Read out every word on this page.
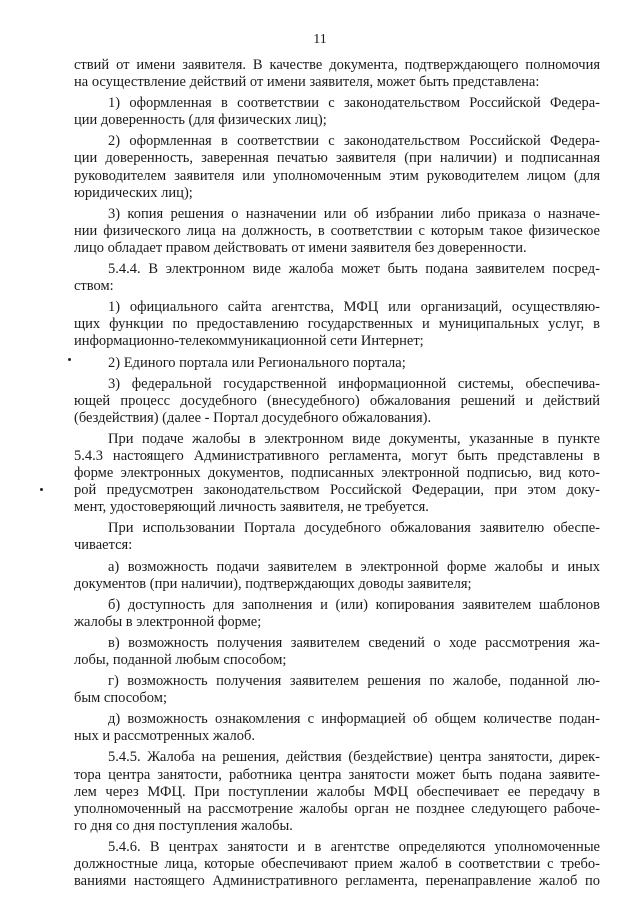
11
ствий от имени заявителя. В качестве документа, подтверждающего полномочия
на осуществление действий от имени заявителя, может быть представлена:
1) оформленная в соответствии с законодательством Российской Федера-
ции доверенность (для физических лиц);
2) оформленная в соответствии с законодательством Российской Федера-
ции доверенность, заверенная печатью заявителя (при наличии) и подписанная
руководителем заявителя или уполномоченным этим руководителем лицом (для
юридических лиц);
3) копия решения о назначении или об избрании либо приказа о назначе-
нии физического лица на должность, в соответствии с которым такое физическое
лицо обладает правом действовать от имени заявителя без доверенности.
5.4.4. В электронном виде жалоба может быть подана заявителем посред-
ством:
1) официального сайта агентства, МФЦ или организаций, осуществляю-
щих функции по предоставлению государственных и муниципальных услуг, в
информационно-телекоммуникационной сети Интернет;
2) Единого портала или Регионального портала;
3) федеральной государственной информационной системы, обеспечива-
ющей процесс досудебного (внесудебного) обжалования решений и действий
(бездействия) (далее - Портал досудебного обжалования).
При подаче жалобы в электронном виде документы, указанные в пункте
5.4.3 настоящего Административного регламента, могут быть представлены в
форме электронных документов, подписанных электронной подписью, вид кото-
рой предусмотрен законодательством Российской Федерации, при этом доку-
мент, удостоверяющий личность заявителя, не требуется.
При использовании Портала досудебного обжалования заявителю обеспе-
чивается:
а) возможность подачи заявителем в электронной форме жалобы и иных
документов (при наличии), подтверждающих доводы заявителя;
б) доступность для заполнения и (или) копирования заявителем шаблонов
жалобы в электронной форме;
в) возможность получения заявителем сведений о ходе рассмотрения жа-
лобы, поданной любым способом;
г) возможность получения заявителем решения по жалобе, поданной лю-
бым способом;
д) возможность ознакомления с информацией об общем количестве подан-
ных и рассмотренных жалоб.
5.4.5. Жалоба на решения, действия (бездействие) центра занятости, дирек-
тора центра занятости, работника центра занятости может быть подана заявите-
лем через МФЦ. При поступлении жалобы МФЦ обеспечивает ее передачу в
уполномоченный на рассмотрение жалобы орган не позднее следующего рабоче-
го дня со дня поступления жалобы.
5.4.6. В центрах занятости и в агентстве определяются уполномоченные
должностные лица, которые обеспечивают прием жалоб в соответствии с требо-
ваниями настоящего Административного регламента, перенаправление жалоб по
